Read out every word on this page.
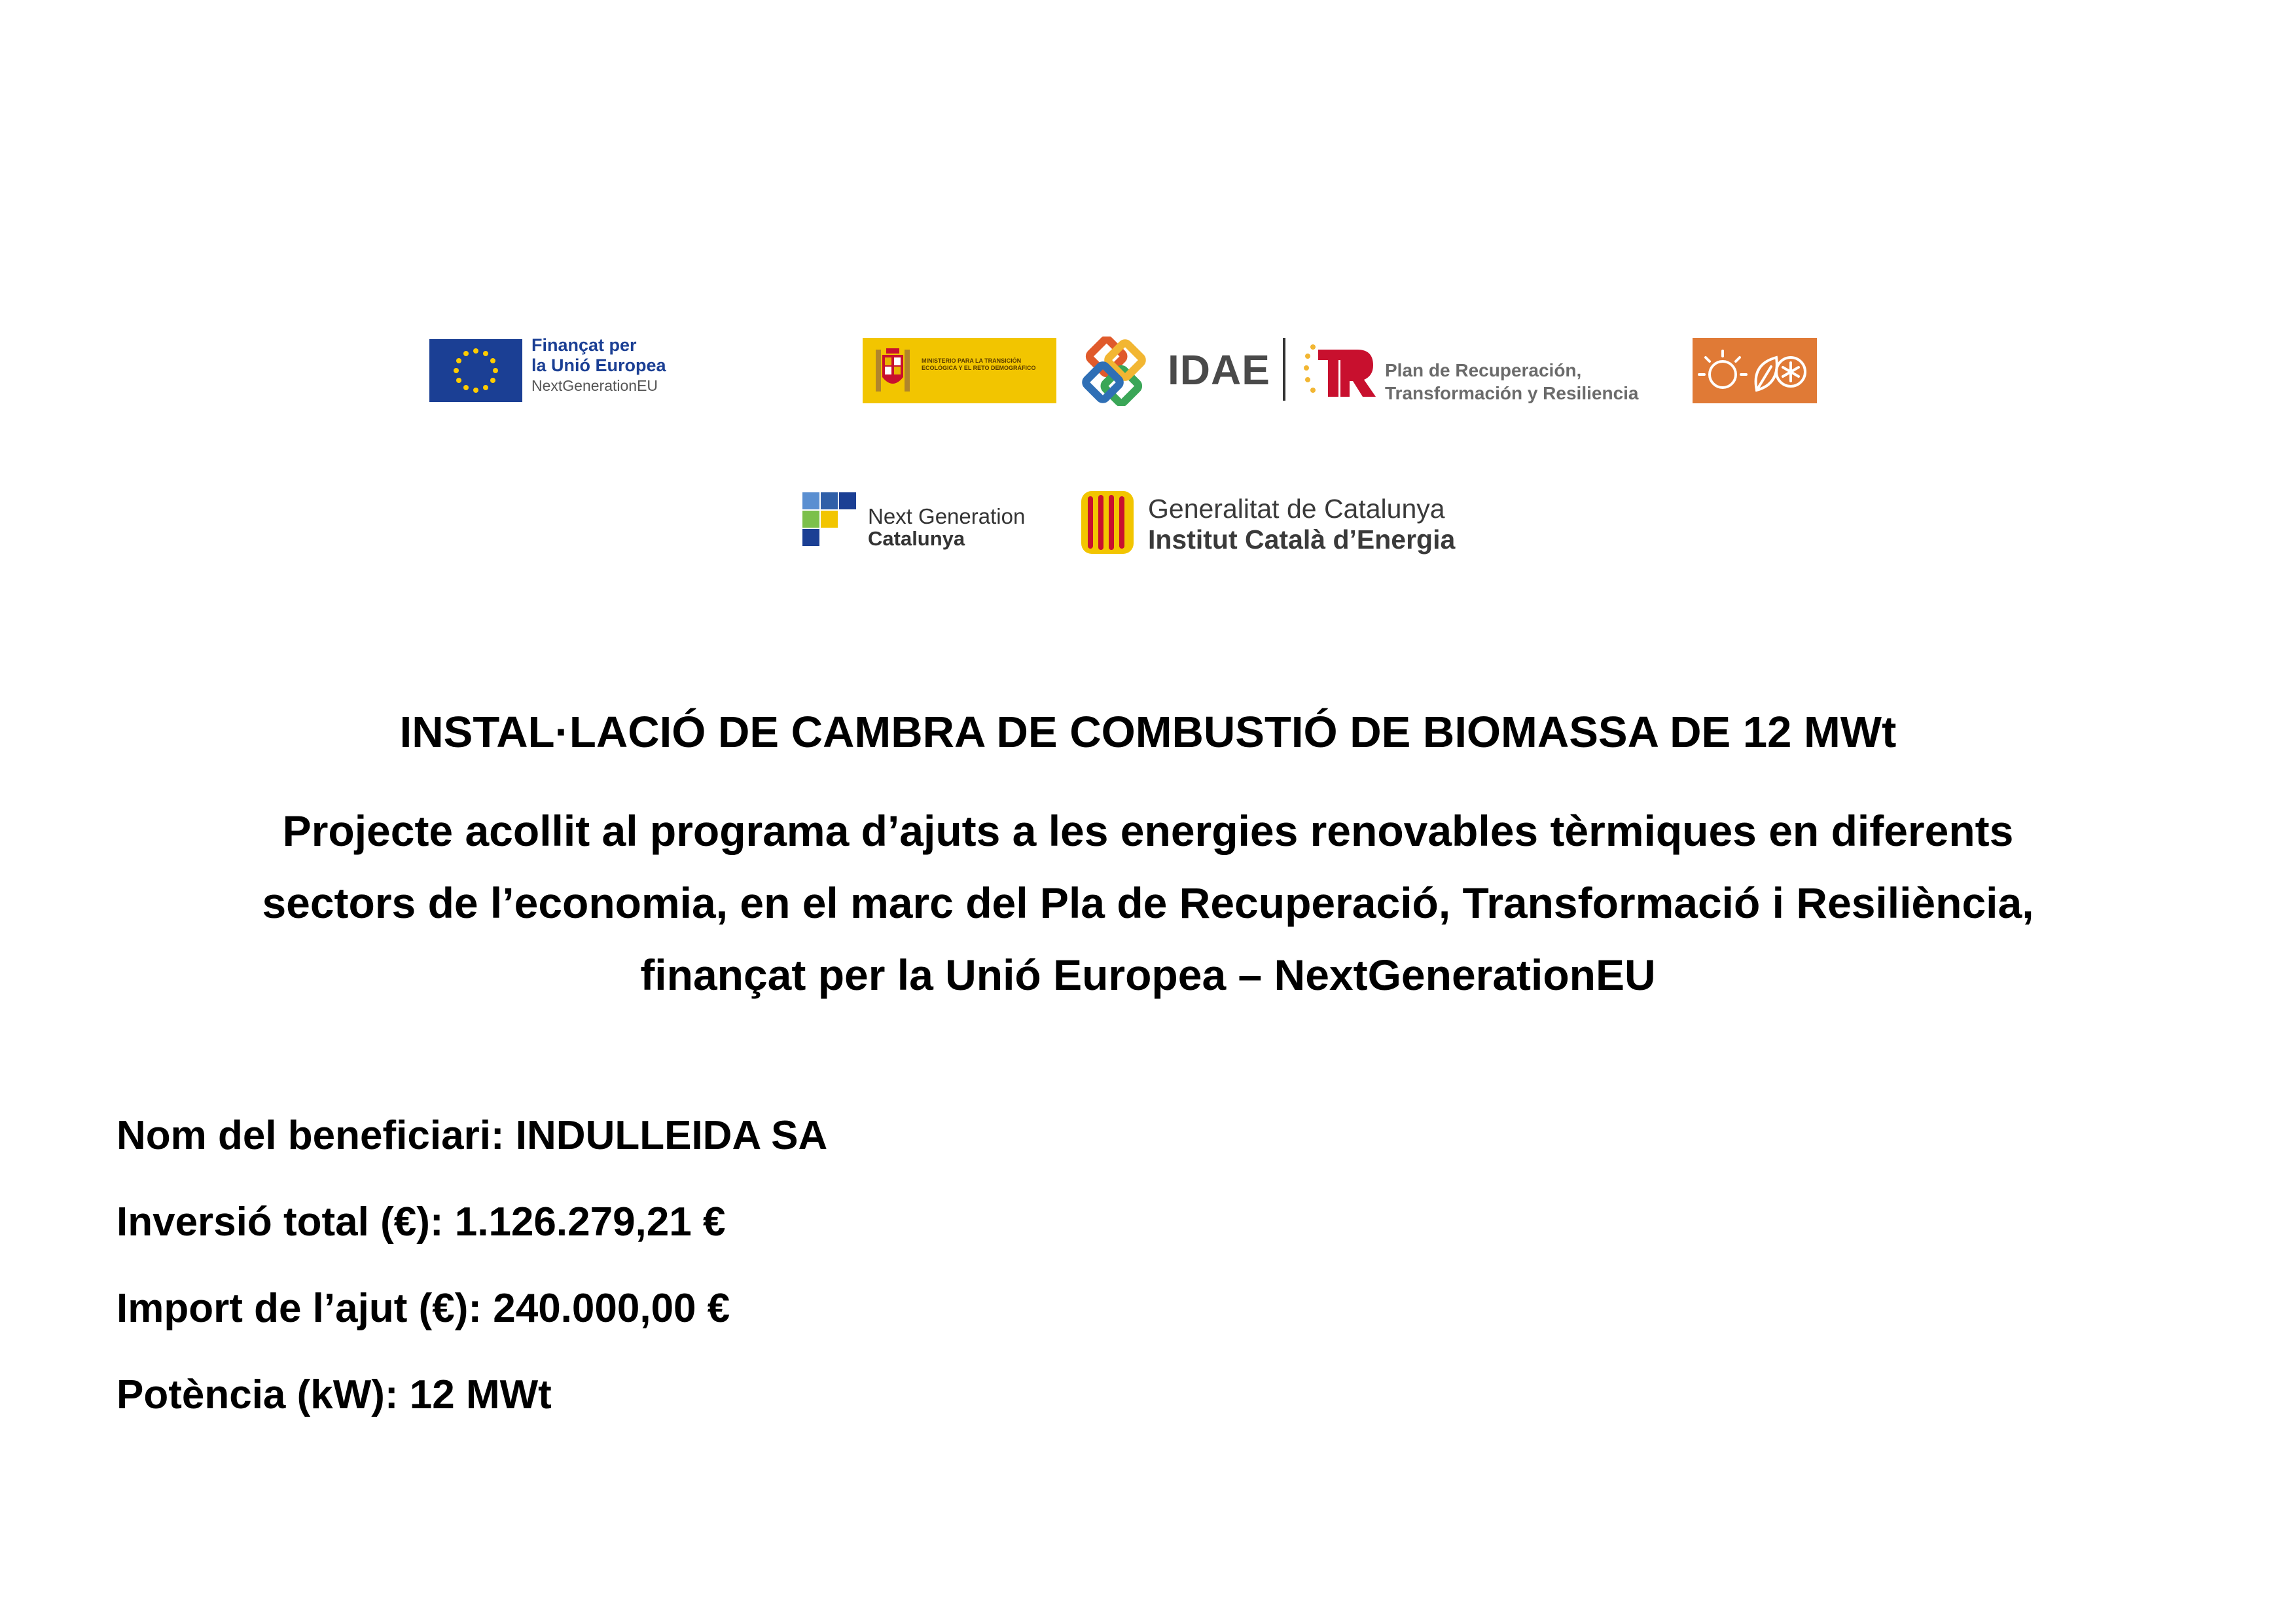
Finançat per
la Unió Europea
NextGenerationEU
MINISTERIO PARA LA TRANSICIÓN ECOLÓGICA Y EL RETO DEMOGRÁFICO	IDAE	Plan de Recuperación,
Transformación y Resiliencia
Next Generation
Catalunya
Generalitat de Catalunya
Institut Català d’Energia
INSTAL·LACIÓ DE CAMBRA DE COMBUSTIÓ DE BIOMASSA DE 12 MWt
Projecte acollit al programa d’ajuts a les energies renovables tèrmiques en diferents
sectors de l’economia, en el marc del Pla de Recuperació, Transformació i Resiliència,
finançat per la Unió Europea – NextGenerationEU
Nom del beneficiari: INDULLEIDA SA
Inversió total (€): 1.126.279,21 €
Import de l’ajut (€): 240.000,00 €
Potència (kW): 12 MWt
